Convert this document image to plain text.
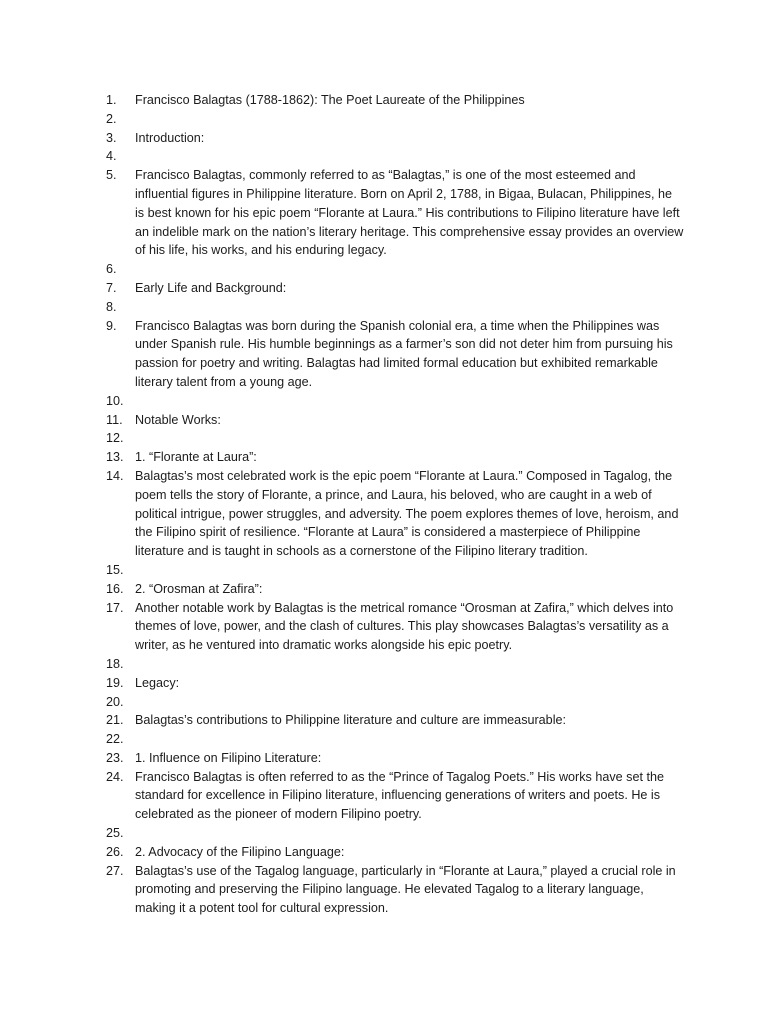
1.	Francisco Balagtas (1788-1862): The Poet Laureate of the Philippines
2.
3.	Introduction:
4.
5.	Francisco Balagtas, commonly referred to as “Balagtas,” is one of the most esteemed and influential figures in Philippine literature. Born on April 2, 1788, in Bigaa, Bulacan, Philippines, he is best known for his epic poem “Florante at Laura.” His contributions to Filipino literature have left an indelible mark on the nation’s literary heritage. This comprehensive essay provides an overview of his life, his works, and his enduring legacy.
6.
7.	Early Life and Background:
8.
9.	Francisco Balagtas was born during the Spanish colonial era, a time when the Philippines was under Spanish rule. His humble beginnings as a farmer’s son did not deter him from pursuing his passion for poetry and writing. Balagtas had limited formal education but exhibited remarkable literary talent from a young age.
10.
11. Notable Works:
12.
13. 1. “Florante at Laura”:
14. Balagtas’s most celebrated work is the epic poem “Florante at Laura.” Composed in Tagalog, the poem tells the story of Florante, a prince, and Laura, his beloved, who are caught in a web of political intrigue, power struggles, and adversity. The poem explores themes of love, heroism, and the Filipino spirit of resilience. “Florante at Laura” is considered a masterpiece of Philippine literature and is taught in schools as a cornerstone of the Filipino literary tradition.
15.
16. 2. “Orosman at Zafira”:
17. Another notable work by Balagtas is the metrical romance “Orosman at Zafira,” which delves into themes of love, power, and the clash of cultures. This play showcases Balagtas’s versatility as a writer, as he ventured into dramatic works alongside his epic poetry.
18.
19. Legacy:
20.
21. Balagtas’s contributions to Philippine literature and culture are immeasurable:
22.
23. 1. Influence on Filipino Literature:
24. Francisco Balagtas is often referred to as the “Prince of Tagalog Poets.” His works have set the standard for excellence in Filipino literature, influencing generations of writers and poets. He is celebrated as the pioneer of modern Filipino poetry.
25.
26. 2. Advocacy of the Filipino Language:
27. Balagtas’s use of the Tagalog language, particularly in “Florante at Laura,” played a crucial role in promoting and preserving the Filipino language. He elevated Tagalog to a literary language, making it a potent tool for cultural expression.
